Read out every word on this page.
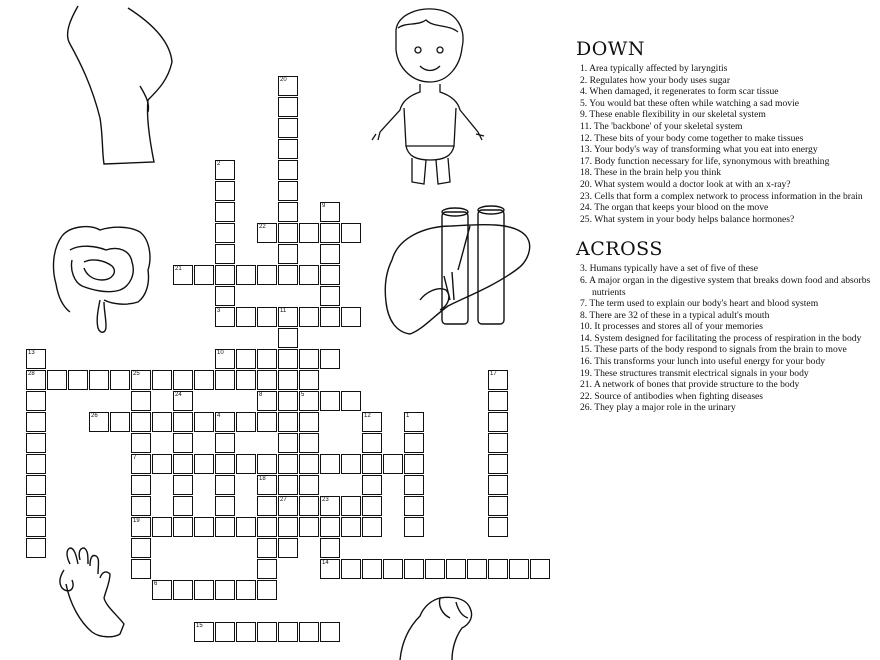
20
2
3
22
9
21
11
27
10
13
28	25	17
7
19
24	8	5
26	4	12	1
18
23
14
6
15
DOWN
1. Area typically affected by laryngitis
2. Regulates how your body uses sugar
4. When damaged, it regenerates to form scar tissue
5. You would bat these often while watching a sad movie
9. These enable flexibility in our skeletal system
11. The 'backbone' of your skeletal system
12. These bits of your body come together to make tissues
13. Your body's way of transforming what you eat into energy
17. Body function necessary for life, synonymous with breathing
18. These in the brain help you think
20. What system would a doctor look at with an x-ray?
23. Cells that form a complex network to process information in the brain
24. The organ that keeps your blood on the move
25. What system in your body helps balance hormones?
ACROSS
3. Humans typically have a set of five of these
6. A major organ in the digestive system that breaks down food and absorbs nutrients
7. The term used to explain our body's heart and blood system
8. There are 32 of these in a typical adult's mouth
10. It processes and stores all of your memories
14. System designed for facilitating the process of respiration in the body
15. These parts of the body respond to signals from the brain to move
16. This transforms your lunch into useful energy for your body
19. These structures transmit electrical signals in your body
21. A network of bones that provide structure to the body
22. Source of antibodies when fighting diseases
26. They play a major role in the urinary
